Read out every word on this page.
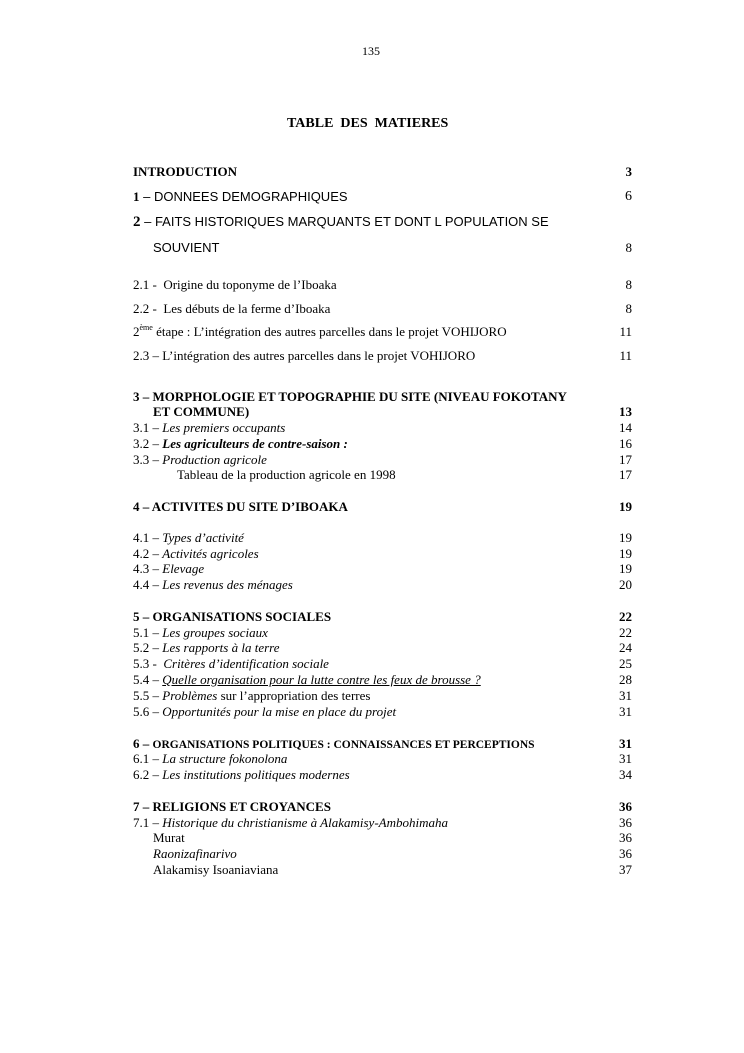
135
TABLE  DES  MATIERES
INTRODUCTION	3
1 – DONNEES DEMOGRAPHIQUES	6
2 – FAITS HISTORIQUES MARQUANTS ET DONT L POPULATION SE
SOUVIENT	8
2.1 -  Origine du toponyme de l’Iboaka	8
2.2 -  Les débuts de la ferme d’Iboaka	8
2ème étape : L’intégration des autres parcelles dans le projet VOHIJORO	11
2.3 – L’intégration des autres parcelles dans le projet VOHIJORO	11
3 – MORPHOLOGIE ET TOPOGRAPHIE DU SITE (NIVEAU FOKOTANY
ET COMMUNE)	13
3.1 – Les premiers occupants	14
3.2 – Les agriculteurs de contre-saison :	16
3.3 – Production agricole	17
Tableau de la production agricole en 1998	17
4 – ACTIVITES DU SITE D’IBOAKA	19
4.1 – Types d’activité	19
4.2 – Activités agricoles	19
4.3 – Elevage	19
4.4 – Les revenus des ménages	20
5 – ORGANISATIONS SOCIALES	22
5.1 – Les groupes sociaux	22
5.2 – Les rapports à la terre	24
5.3 -  Critères d’identification sociale	25
5.4 – Quelle organisation pour la lutte contre les feux de brousse ?	28
5.5 – Problèmes sur l’appropriation des terres	31
5.6 – Opportunités pour la mise en place du projet	31
6 – ORGANISATIONS POLITIQUES : CONNAISSANCES ET PERCEPTIONS	31
6.1 – La structure fokonolona	31
6.2 – Les institutions politiques modernes	34
7 – RELIGIONS ET CROYANCES	36
7.1 – Historique du christianisme à Alakamisy-Ambohimaha	36
Murat	36
Raonizafinarivo	36
Alakamisy Isoaniaviana	37
